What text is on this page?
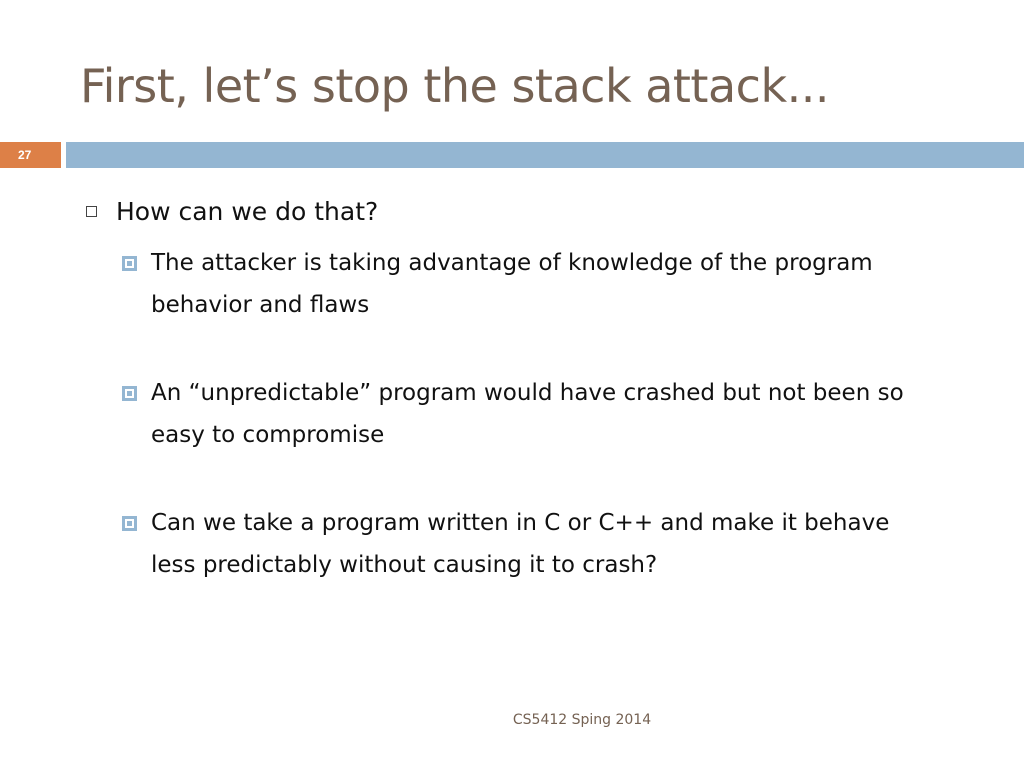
First, let’s stop the stack attack...
27
How can we do that?
The attacker is taking advantage of knowledge of the program behavior and flaws
An “unpredictable” program would have crashed but not been so easy to compromise
Can we take a program written in C or C++ and make it behave less predictably without causing it to crash?
CS5412 Sping 2014
